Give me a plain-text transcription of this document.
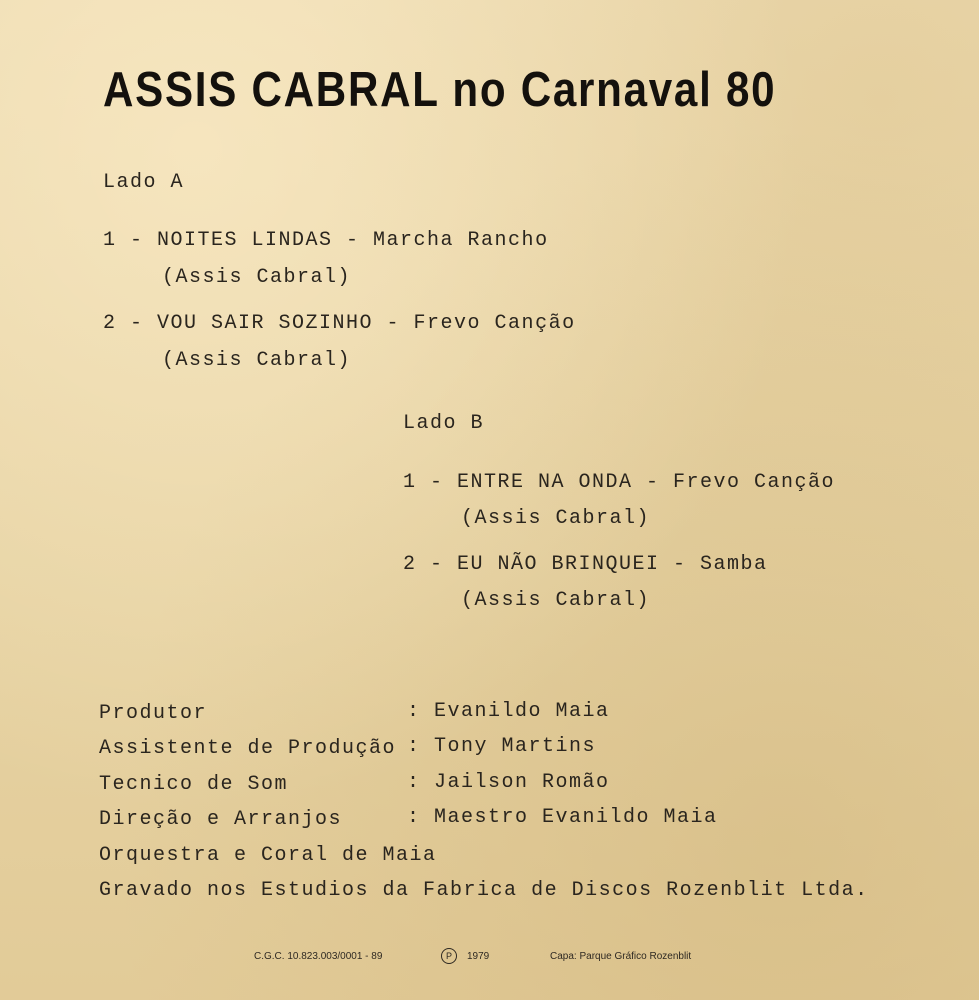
ASSIS CABRAL no Carnaval 80
Lado A
1 - NOITES LINDAS - Marcha Rancho
(Assis Cabral)
2 - VOU SAIR SOZINHO - Frevo Canção
(Assis Cabral)
Lado B
1 - ENTRE NA ONDA - Frevo Canção
(Assis Cabral)
2 - EU NÃO BRINQUEI - Samba
(Assis Cabral)
Produtor	: Evanildo Maia
Assistente de Produção : Tony Martins
Tecnico de Som	: Jailson Romão
Direção e Arranjos	: Maestro Evanildo Maia
Orquestra e Coral de Maia
Gravado nos Estudios da Fabrica de Discos Rozenblit Ltda.
C.G.C. 10.823.003/0001 - 89	P	1979	Capa: Parque Gráfico Rozenblit
